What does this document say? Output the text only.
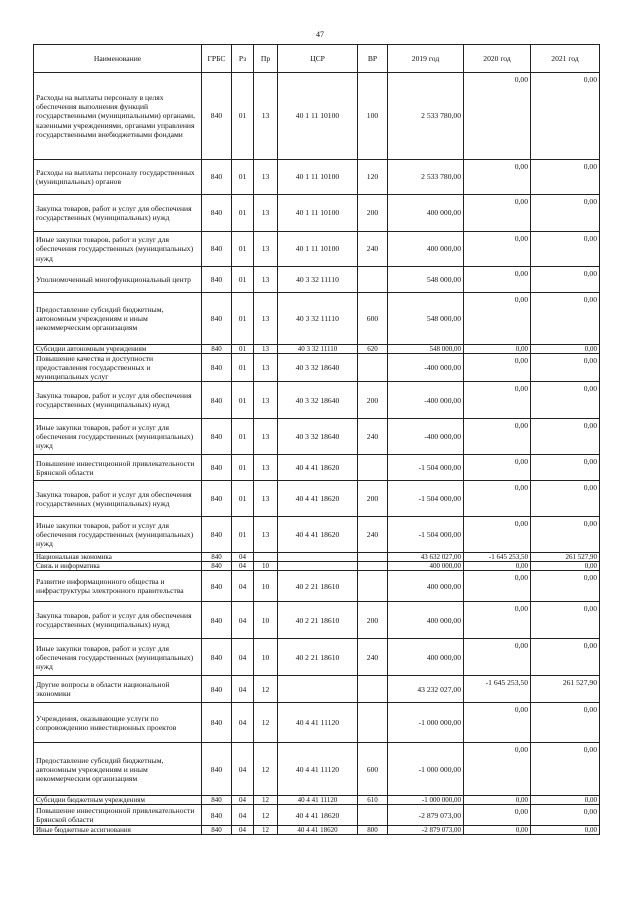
47
Наименование	ГРБС	Рз	Пр	ЦСР	ВР	2019 год	2020 год	2021 год
Расходы на выплаты персоналу в целях обеспечения выполнения функций государственными (муниципальными) органами, казенными учреждениями, органами управления государственными внебюджетными фондами	840	01	13	40 1 11 10100	100	2 533 780,00	0,00	0,00
Расходы на выплаты персоналу государственных (муниципальных) органов	840	01	13	40 1 11 10100	120	2 533 780,00	0,00	0,00
Закупка товаров, работ и услуг для обеспечения государственных (муниципальных) нужд	840	01	13	40 1 11 10100	200	400 000,00	0,00	0,00
Иные закупки товаров, работ и услуг для обеспечения государственных (муниципальных) нужд	840	01	13	40 1 11 10100	240	400 000,00	0,00	0,00
Уполномоченный многофункциональный центр	840	01	13	40 3 32 11110		548 000,00	0,00	0,00
Предоставление субсидий бюджетным, автономным учреждениям и иным некоммерческим организациям	840	01	13	40 3 32 11110	600	548 000,00	0,00	0,00
Субсидии автономным учреждениям	840	01	13	40 3 32 11110	620	548 000,00	0,00	0,00
Повышение качества и доступности предоставления государственных и муниципальных услуг	840	01	13	40 3 32 18640		-400 000,00	0,00	0,00
Закупка товаров, работ и услуг для обеспечения государственных (муниципальных) нужд	840	01	13	40 3 32 18640	200	-400 000,00	0,00	0,00
Иные закупки товаров, работ и услуг для обеспечения государственных (муниципальных) нужд	840	01	13	40 3 32 18640	240	-400 000,00	0,00	0,00
Повышение инвестиционной привлекательности Брянской области	840	01	13	40 4 41 18620		-1 504 000,00	0,00	0,00
Закупка товаров, работ и услуг для обеспечения государственных (муниципальных) нужд	840	01	13	40 4 41 18620	200	-1 504 000,00	0,00	0,00
Иные закупки товаров, работ и услуг для обеспечения государственных (муниципальных) нужд	840	01	13	40 4 41 18620	240	-1 504 000,00	0,00	0,00
Национальная экономика	840	04				43 632 027,00	-1 645 253,50	261 527,90
Связь и информатика	840	04	10			400 000,00	0,00	0,00
Развитие информационного общества и инфраструктуры электронного правительства	840	04	10	40 2 21 18610		400 000,00	0,00	0,00
Закупка товаров, работ и услуг для обеспечения государственных (муниципальных) нужд	840	04	10	40 2 21 18610	200	400 000,00	0,00	0,00
Иные закупки товаров, работ и услуг для обеспечения государственных (муниципальных) нужд	840	04	10	40 2 21 18610	240	400 000,00	0,00	0,00
Другие вопросы в области национальной экономики	840	04	12			43 232 027,00	-1 645 253,50	261 527,90
Учреждения, оказывающие услуги по сопровождению инвестиционных проектов	840	04	12	40 4 41 11120		-1 000 000,00	0,00	0,00
Предоставление субсидий бюджетным, автономным учреждениям и иным некоммерческим организациям	840	04	12	40 4 41 11120	600	-1 000 000,00	0,00	0,00
Субсидии бюджетным учреждениям	840	04	12	40 4 41 11120	610	-1 000 000,00	0,00	0,00
Повышение инвестиционной привлекательности Брянской области	840	04	12	40 4 41 18620		-2 879 073,00	0,00	0,00
Иные бюджетные ассигнования	840	04	12	40 4 41 18620	800	-2 879 073,00	0,00	0,00
